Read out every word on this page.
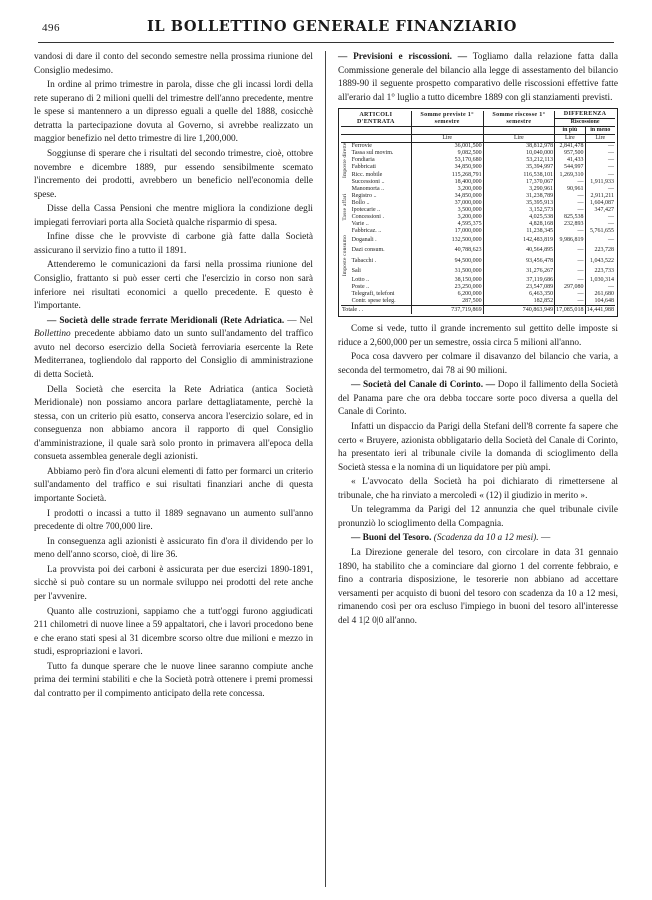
496	IL BOLLETTINO GENERALE FINANZIARIO

vandosi di dare il conto del secondo semestre nella prossima riunione del Consiglio medesimo.

In ordine al primo trimestre in parola, disse che gli incassi lordi della rete superano di 2 milioni quelli del trimestre dell'anno precedente, mentre le spese si mantennero a un dipresso eguali a quelle del 1888, cosicchè detratta la partecipazione dovuta al Governo, si avrebbe realizzato un maggior benefizio nel detto trimestre di lire 1,200,000.

Soggiunse di sperare che i risultati del secondo trimestre, cioè, ottobre novembre e dicembre 1889, pur essendo sensibilmente scemato l'incremento dei prodotti, avrebbero un beneficio nell'economia delle spese.

Disse della Cassa Pensioni che mentre migliora la condizione degli impiegati ferroviari porta alla Società qualche risparmio di spesa.

Infine disse che le provviste di carbone già fatte dalla Società assicurano il servizio fino a tutto il 1891.

Attenderemo le comunicazioni da farsi nella prossima riunione del Consiglio, frattanto si può esser certi che l'esercizio in corso non sarà inferiore nei risultati economici a quello precedente. E questo è l'importante.

— Società delle strade ferrate Meridionali (Rete Adriatica. — Nel Bollettino precedente abbiamo dato un sunto sull'andamento del traffico avuto nel decorso esercizio della Società ferroviaria esercente la Rete Mediterranea, togliendolo dal rapporto del Consiglio di amministrazione di detta Società.

Della Società che esercita la Rete Adriatica (antica Società Meridionale) non possiamo ancora parlare dettagliatamente, perchè la stessa, con un criterio più esatto, conserva ancora l'esercizio solare, ed in conseguenza non abbiamo ancora il rapporto di quel Consiglio d'amministrazione, il quale sarà solo pronto in primavera all'epoca della consueta assemblea generale degli azionisti.

Abbiamo però fin d'ora alcuni elementi di fatto per formarci un criterio sull'andamento del traffico e sui risultati finanziari anche di questa importante Società.

I prodotti o incassi a tutto il 1889 segnavano un aumento sull'anno precedente di oltre 700,000 lire.

In conseguenza agli azionisti è assicurato fin d'ora il dividendo per lo meno dell'anno scorso, cioè, di lire 36.

La provvista poi dei carboni è assicurata per due esercizi 1890-1891, sicchè si può contare su un normale sviluppo nei prodotti del rete anche per l'avvenire.

Quanto alle costruzioni, sappiamo che a tutt'oggi furono aggiudicati 211 chilometri di nuove linee a 59 appaltatori, che i lavori procedono bene e che erano stati spesi al 31 dicembre scorso oltre due milioni e mezzo in studi, espropriazioni e lavori.

Tutto fa dunque sperare che le nuove linee saranno compiute anche prima dei termini stabiliti e che la Società potrà ottenere i premi promessi dal contratto per il compimento anticipato della rete concessa.

— Previsioni e riscossioni. — Togliamo dalla relazione fatta dalla Commissione generale del bilancio alla legge di assestamento del bilancio 1889-90 il seguente prospetto comparativo delle riscossioni effettive fatte all'erario dal 1° luglio a tutto dicembre 1889 con gli stanziamenti previsti.

ARTICOLI D'ENTRATA		Somme previste 1° semestre	Somme riscosse 1° semestre	DIFFERENZA	
				Riscossione	
				in più	in meno
		Lire	Lire	Lire	Lire
Imposte dirette	Ferrovie	36,001,500	38,812,978	2,841,478	—
	Tassa sul movim.	9,082,500	10,040,000	957,500	—
	Fondiaria	53,170,680	53,212,113	41,433	—
	Fabbricati	34,850,900	35,394,997	544,997	—
	Ricc. mobile	115,268,791	116,538,101	1,269,310	—
Tasse affari	Successioni ..	18,400,000	17,370,067	—	1,911,933
	Manomorta ..	3,200,000	3,290,961	90,961	—
	Registro ..	34,850,000	31,238,789	—	2,911,211
	Bollo ..	37,000,000	35,395,913	—	1,604,087
	Ipotecarie ..	3,500,000	3,152,573	—	347,427
	Concessioni .	3,200,000	4,025,538	825,538	—
	Varie ..	4,595,375	4,828,168	232,893	—
	Fabbricaz. ..	17,000,000	11,238,345	—	5,761,655
Imposte consumo	Doganali .	132,500,000	142,483,819	9,986,819	—
	Dazi consum.	40,788,623	40,564,895	—	223,728
	Tabacchi .	94,500,000	93,456,478	—	1,043,522
	Sali	31,500,000	31,276,267	—	223,733
	Lotto ..	38,150,000	37,119,686	—	1,030,314
	Poste ..	23,250,000	23,547,089	297,080	—
	Telegrafi, telefoni	6,200,000	6,463,350	—	261,680
	Contr. spese teleg.	287,500	182,852	—	104,648
Totale . .		737,719,869	740,863,949	17,085,018	14,441,988

Come si vede, tutto il grande incremento sul gettito delle imposte si riduce a 2,600,000 per un semestre, ossia circa 5 milioni all'anno.

Poca cosa davvero per colmare il disavanzo del bilancio che varia, a seconda del termometro, dai 78 ai 90 milioni.

— Società del Canale di Corinto. — Dopo il fallimento della Società del Panama pare che ora debba toccare sorte poco diversa a quella del Canale di Corinto.

Infatti un dispaccio da Parigi della Stefani dell'8 corrente fa sapere che certo « Bruyere, azionista obbligatario della Società del Canale di Corinto, ha presentato ieri al tribunale civile la domanda di scioglimento della Società stessa e la nomina di un liquidatore per più ampi.

« L'avvocato della Società ha poi dichiarato di rimettersene al tribunale, che ha rinviato a mercoledì « (12) il giudizio in merito ».

Un telegramma da Parigi del 12 annunzia che quel tribunale civile pronunziò lo scioglimento della Compagnia.

— Buoni del Tesoro. (Scadenza da 10 a 12 mesi). —

La Direzione generale del tesoro, con circolare in data 31 gennaio 1890, ha stabilito che a cominciare dal giorno 1 del corrente febbraio, e fino a contraria disposizione, le tesorerie non abbiano ad accettare versamenti per acquisto di buoni del tesoro con scadenza da 10 a 12 mesi, rimanendo così per ora escluso l'impiego in buoni del tesoro all'interesse del 4 1|2 0|0 all'anno.
